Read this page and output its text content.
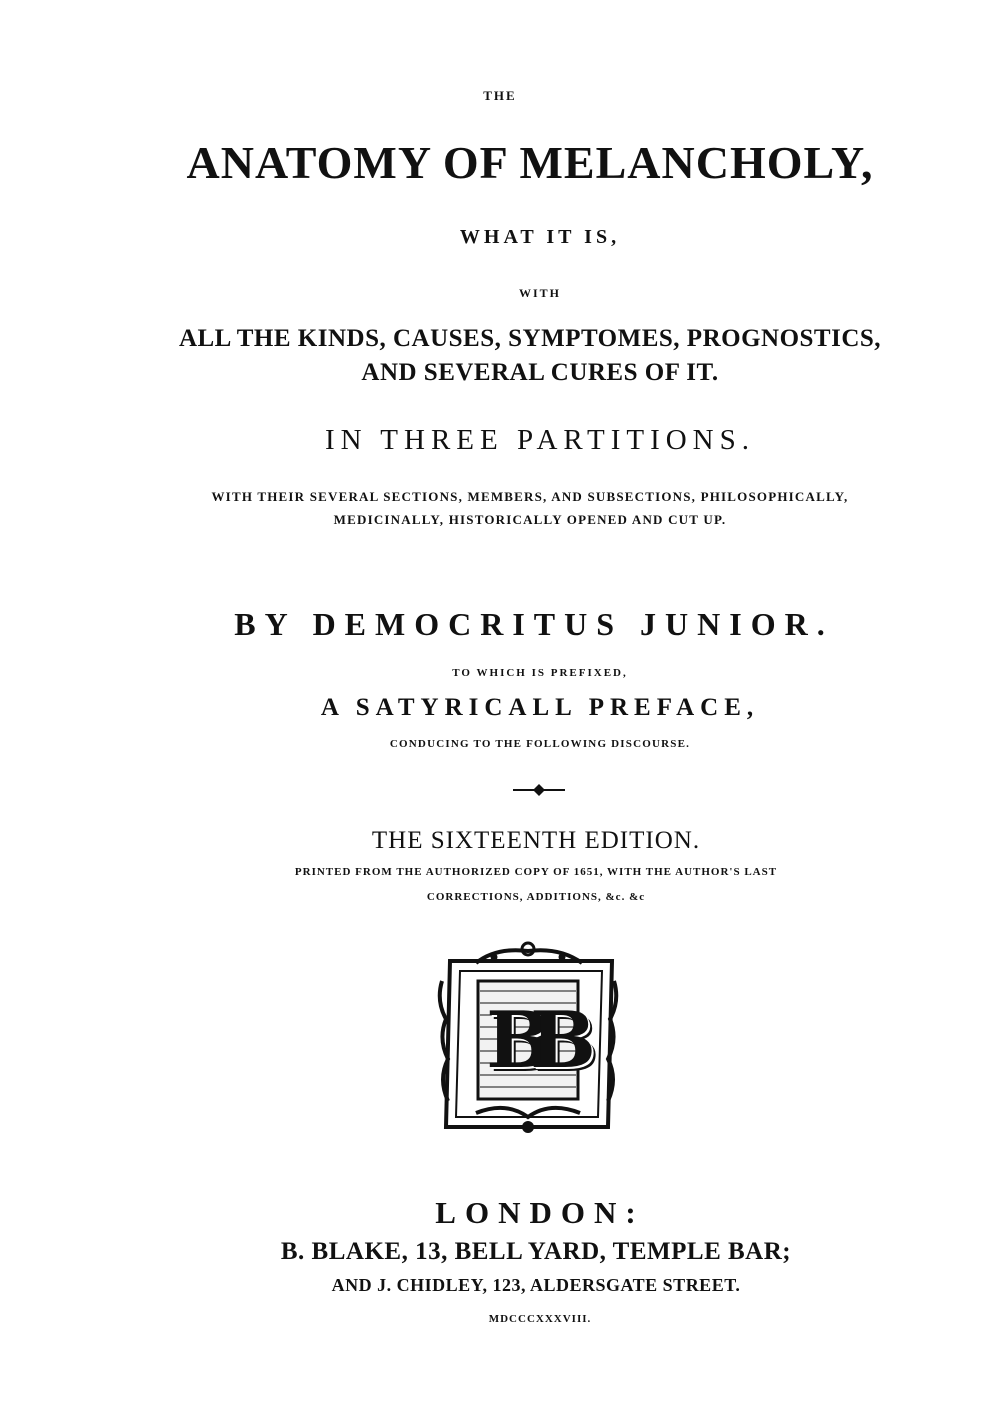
THE
ANATOMY OF MELANCHOLY,
WHAT IT IS,
WITH
ALL THE KINDS, CAUSES, SYMPTOMES, PROGNOSTICS,
AND SEVERAL CURES OF IT.
IN THREE PARTITIONS.
WITH THEIR SEVERAL SECTIONS, MEMBERS, AND SUBSECTIONS, PHILOSOPHICALLY,
MEDICINALLY, HISTORICALLY OPENED AND CUT UP.
BY DEMOCRITUS JUNIOR.
TO WHICH IS PREFIXED,
A SATYRICALL PREFACE,
CONDUCING TO THE FOLLOWING DISCOURSE.
THE SIXTEENTH EDITION.
PRINTED FROM THE AUTHORIZED COPY OF 1651, WITH THE AUTHOR'S LAST
CORRECTIONS, ADDITIONS, &c. &c
BB
LONDON:
B. BLAKE, 13, BELL YARD, TEMPLE BAR;
AND J. CHIDLEY, 123, ALDERSGATE STREET.
MDCCCXXXVIII.
